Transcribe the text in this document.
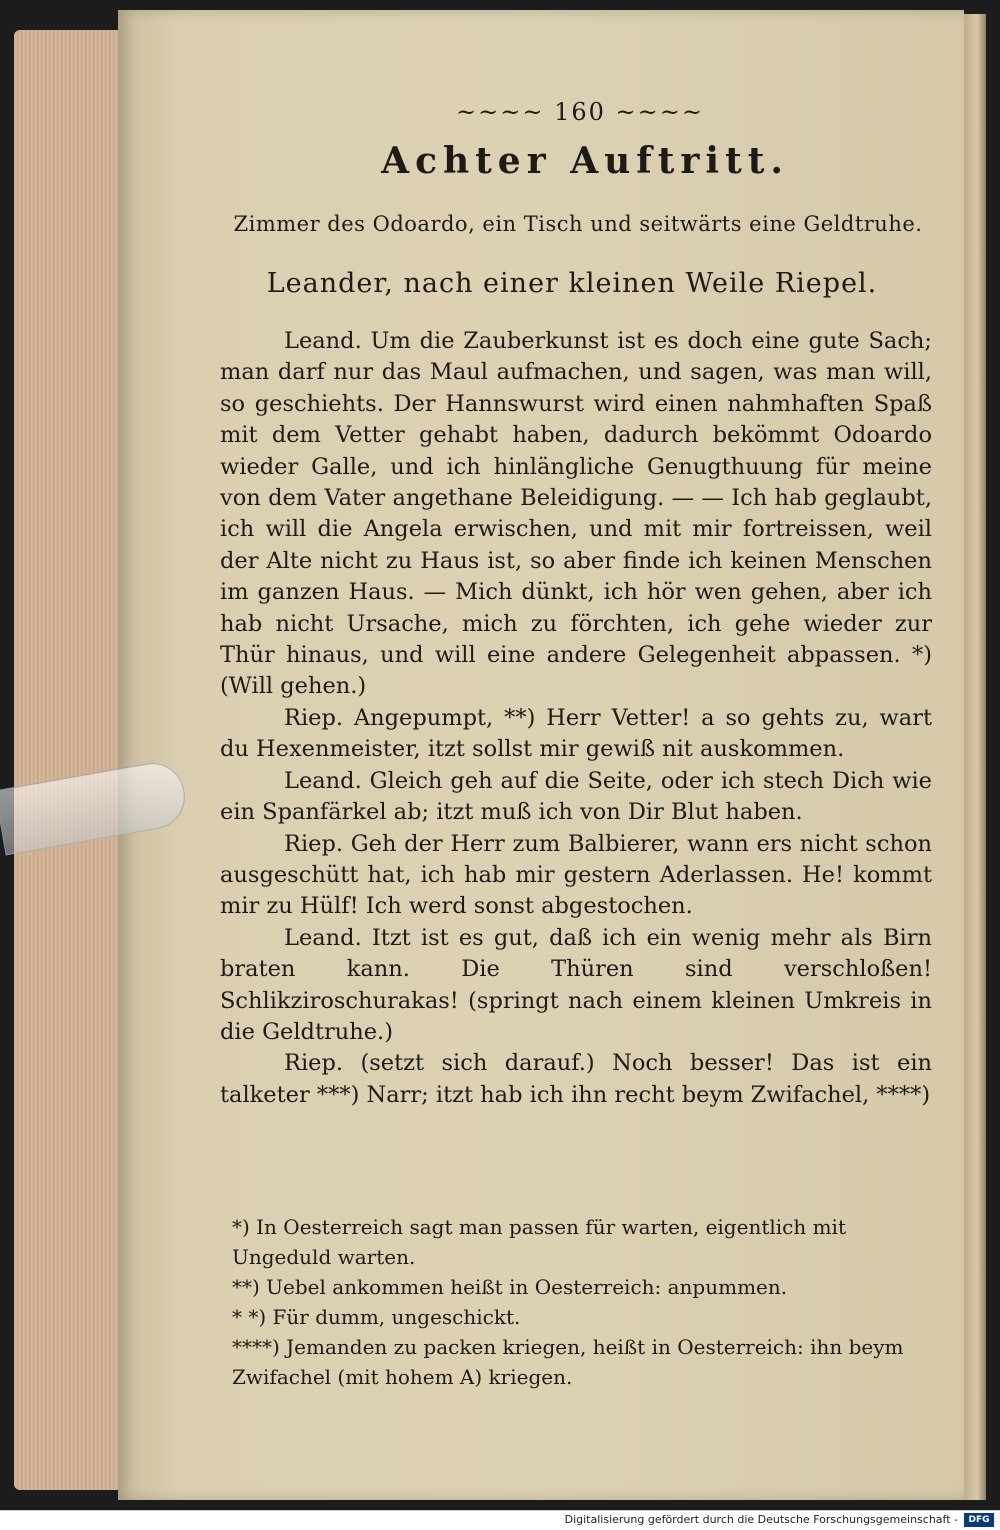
~~~~ 160 ~~~~
Achter Auftritt.
Zimmer des Odoardo, ein Tisch und seitwärts eine Geldtruhe.
Leander, nach einer kleinen Weile Riepel.

Leand. Um die Zauberkunst ist es doch eine gute Sach; man darf nur das Maul aufmachen, und sagen, was man will, so geschiehts. Der Hannswurst wird einen nahmhaften Spaß mit dem Vetter gehabt haben, dadurch bekömmt Odoardo wieder Galle, und ich hinlängliche Genugthuung für meine von dem Vater angethane Beleidigung. — — Ich hab geglaubt, ich will die Angela erwischen, und mit mir fortreissen, weil der Alte nicht zu Haus ist, so aber finde ich keinen Menschen im ganzen Haus. — Mich dünkt, ich hör wen gehen, aber ich hab nicht Ursache, mich zu förchten, ich gehe wieder zur Thür hinaus, und will eine andere Gelegenheit abpassen. *) (Will gehen.)

Riep. Angepumpt, **) Herr Vetter! a so gehts zu, wart du Hexenmeister, itzt sollst mir gewiß nit auskommen.

Leand. Gleich geh auf die Seite, oder ich stech Dich wie ein Spanfärkel ab; itzt muß ich von Dir Blut haben.

Riep. Geh der Herr zum Balbierer, wann ers nicht schon ausgeschütt hat, ich hab mir gestern Aderlassen. He! kommt mir zu Hülf! Ich werd sonst abgestochen.

Leand. Itzt ist es gut, daß ich ein wenig mehr als Birn braten kann. Die Thüren sind verschloßen! Schlikziroschurakas! (springt nach einem kleinen Umkreis in die Geldtruhe.)

Riep. (setzt sich darauf.) Noch besser! Das ist ein talketer ***) Narr; itzt hab ich ihn recht beym Zwifachel, ****)

*) In Oesterreich sagt man passen für warten, eigentlich mit Ungeduld warten.

**) Uebel ankommen heißt in Oesterreich: anpummen.

* *) Für dumm, ungeschickt.

****) Jemanden zu packen kriegen, heißt in Oesterreich: ihn beym Zwifachel (mit hohem A) kriegen.

Digitalisierung gefördert durch die Deutsche Forschungsgemeinschaft -	DFG
